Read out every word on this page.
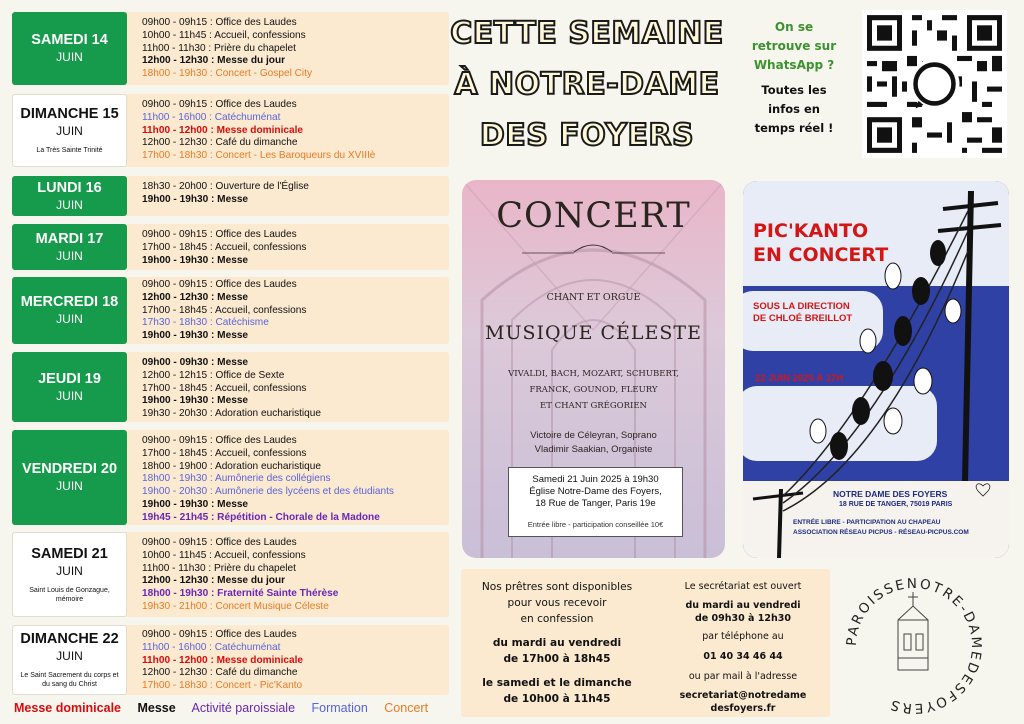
SAMEDI 14
JUIN
09h00 - 09h15 : Office des Laudes
10h00 - 11h45 : Accueil, confessions
11h00 - 11h30 : Prière du chapelet
12h00 - 12h30 : Messe du jour
18h00 - 19h30 : Concert - Gospel City
DIMANCHE 15
JUIN
La Très Sainte Trinité
09h00 - 09h15 : Office des Laudes
11h00 - 16h00 : Catéchuménat
11h00 - 12h00 : Messe dominicale
12h00 - 12h30 : Café du dimanche
17h00 - 18h30 : Concert - Les Baroqueurs du XVIIIè
LUNDI 16
JUIN
18h30 - 20h00 : Ouverture de l'Église
19h00 - 19h30 : Messe
MARDI 17
JUIN
09h00 - 09h15 : Office des Laudes
17h00 - 18h45 : Accueil, confessions
19h00 - 19h30 : Messe
MERCREDI 18
JUIN
09h00 - 09h15 : Office des Laudes
12h00 - 12h30 : Messe
17h00 - 18h45 : Accueil, confessions
17h30 - 18h30 : Catéchisme
19h00 - 19h30 : Messe
JEUDI 19
JUIN
09h00 - 09h30 : Messe
12h00 - 12h15 : Office de Sexte
17h00 - 18h45 : Accueil, confessions
19h00 - 19h30 : Messe
19h30 - 20h30 : Adoration eucharistique
VENDREDI 20
JUIN
09h00 - 09h15 : Office des Laudes
17h00 - 18h45 : Accueil, confessions
18h00 - 19h00 : Adoration eucharistique
18h00 - 19h30 : Aumônerie des collégiens
19h00 - 20h30 : Aumônerie des lycéens et des étudiants
19h00 - 19h30 : Messe
19h45 - 21h45 : Répétition - Chorale de la Madone
SAMEDI 21
JUIN
Saint Louis de Gonzague, mémoire
09h00 - 09h15 : Office des Laudes
10h00 - 11h45 : Accueil, confessions
11h00 - 11h30 : Prière du chapelet
12h00 - 12h30 : Messe du jour
18h00 - 19h30 : Fraternité Sainte Thérèse
19h30 - 21h00 : Concert Musique Céleste
DIMANCHE 22
JUIN
Le Saint Sacrement du corps et du sang du Christ
09h00 - 09h15 : Office des Laudes
11h00 - 16h00 : Catéchuménat
11h00 - 12h00 : Messe dominicale
12h00 - 12h30 : Café du dimanche
17h00 - 18h30 : Concert - Pic'Kanto
Messe dominicale Messe Activité paroissiale Formation Concert
CETTE SEMAINE
À NOTRE-DAME
DES FOYERS
On se
retrouve sur
WhatsApp ?
Toutes les
infos en
temps réel !
CONCERT
CHANT ET ORGUE
MUSIQUE CÉLESTE
VIVALDI, BACH, MOZART, SCHUBERT,
FRANCK, GOUNOD, FLEURY
ET CHANT GRÉGORIEN
Victoire de Céleyran, Soprano
Vladimir Saakian, Organiste
Samedi 21 Juin 2025 à 19h30
Église Notre-Dame des Foyers,
18 Rue de Tanger, Paris 19e
Entrée libre - participation conseillée 10€
PIC'KANTO
EN CONCERT
SOUS LA DIRECTION
DE CHLOÉ BREILLOT
22 JUIN 2025 À 17H
NOTRE DAME DES FOYERS
18 RUE DE TANGER, 75019 PARIS
ENTRÉE LIBRE - PARTICIPATION AU CHAPEAU
ASSOCIATION RÉSEAU PICPUS - RÉSEAU-PICPUS.COM

Nos prêtres sont disponibles

pour vous recevoir

en confession

du mardi au vendredi

de 17h00 à 18h45

le samedi et le dimanche

de 10h00 à 11h45

Le secrétariat est ouvert

du mardi au vendredi

de 09h30 à 12h30

par téléphone au

01 40 34 46 44

ou par mail à l'adresse

secretariat@notredame

desfoyers.fr

PAROISSENOTRE-DAMEDESFOYERS
